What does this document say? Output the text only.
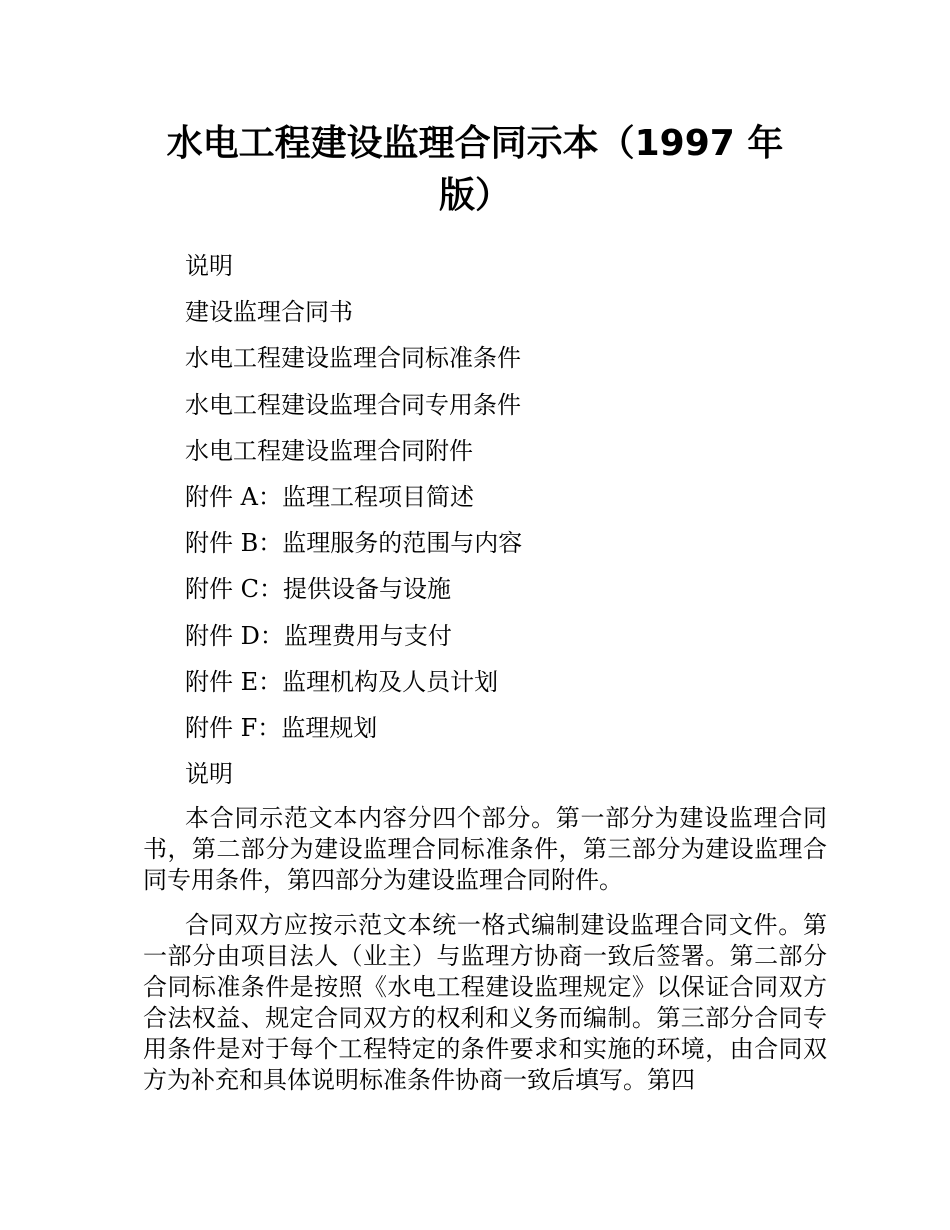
水电工程建设监理合同示本（1997 年版）
说明
建设监理合同书
水电工程建设监理合同标准条件
水电工程建设监理合同专用条件
水电工程建设监理合同附件
附件 A：监理工程项目简述
附件 B：监理服务的范围与内容
附件 C：提供设备与设施
附件 D：监理费用与支付
附件 E：监理机构及人员计划
附件 F：监理规划
说明

本合同示范文本内容分四个部分。第一部分为建设监理合同书，第二部分为建设监理合同标准条件，第三部分为建设监理合同专用条件，第四部分为建设监理合同附件。

合同双方应按示范文本统一格式编制建设监理合同文件。第一部分由项目法人（业主）与监理方协商一致后签署。第二部分合同标准条件是按照《水电工程建设监理规定》以保证合同双方合法权益、规定合同双方的权利和义务而编制。第三部分合同专用条件是对于每个工程特定的条件要求和实施的环境，由合同双方为补充和具体说明标准条件协商一致后填写。第四
